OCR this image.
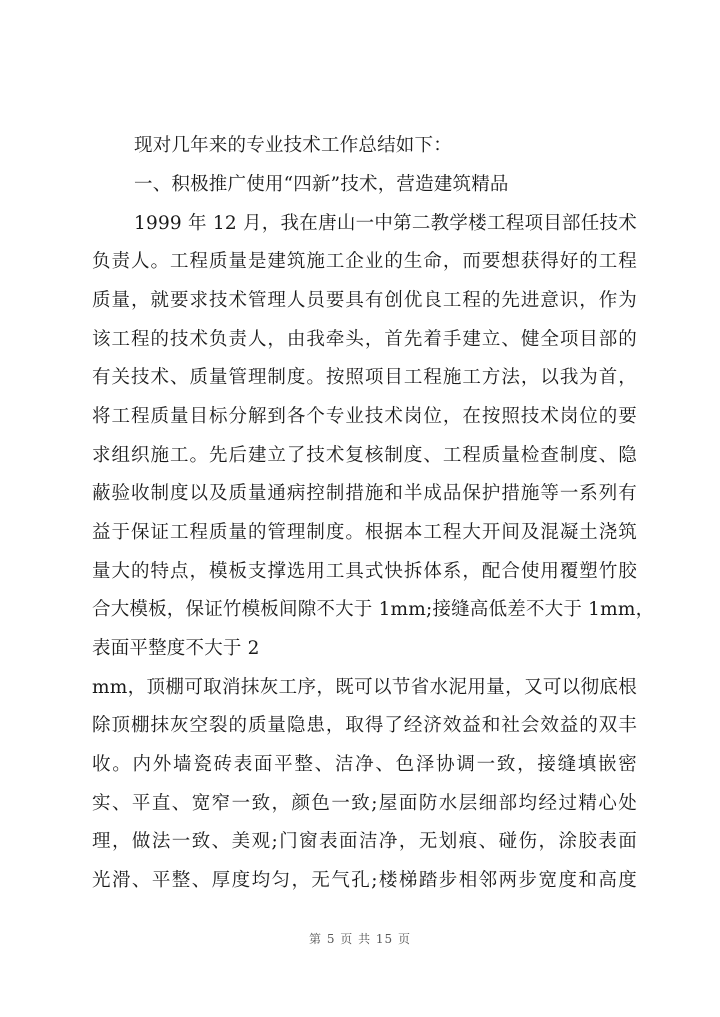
现对几年来的专业技术工作总结如下：
一、积极推广使用“四新”技术，营造建筑精品
1999 年 12 月，我在唐山一中第二教学楼工程项目部任技术
负责人。工程质量是建筑施工企业的生命，而要想获得好的工程
质量，就要求技术管理人员要具有创优良工程的先进意识，作为
该工程的技术负责人，由我牵头，首先着手建立、健全项目部的
有关技术、质量管理制度。按照项目工程施工方法，以我为首，
将工程质量目标分解到各个专业技术岗位，在按照技术岗位的要
求组织施工。先后建立了技术复核制度、工程质量检查制度、隐
蔽验收制度以及质量通病控制措施和半成品保护措施等一系列有
益于保证工程质量的管理制度。根据本工程大开间及混凝土浇筑
量大的特点，模板支撑选用工具式快拆体系，配合使用覆塑竹胶
合大模板，保证竹模板间隙不大于 1mm;接缝高低差不大于 1mm，
表面平整度不大于 2
mm，顶棚可取消抹灰工序，既可以节省水泥用量，又可以彻底根
除顶棚抹灰空裂的质量隐患，取得了经济效益和社会效益的双丰
收。内外墙瓷砖表面平整、洁净、色泽协调一致，接缝填嵌密
实、平直、宽窄一致，颜色一致;屋面防水层细部均经过精心处
理，做法一致、美观;门窗表面洁净，无划痕、碰伤，涂胶表面
光滑、平整、厚度均匀，无气孔;楼梯踏步相邻两步宽度和高度
第 5 页 共 15 页
